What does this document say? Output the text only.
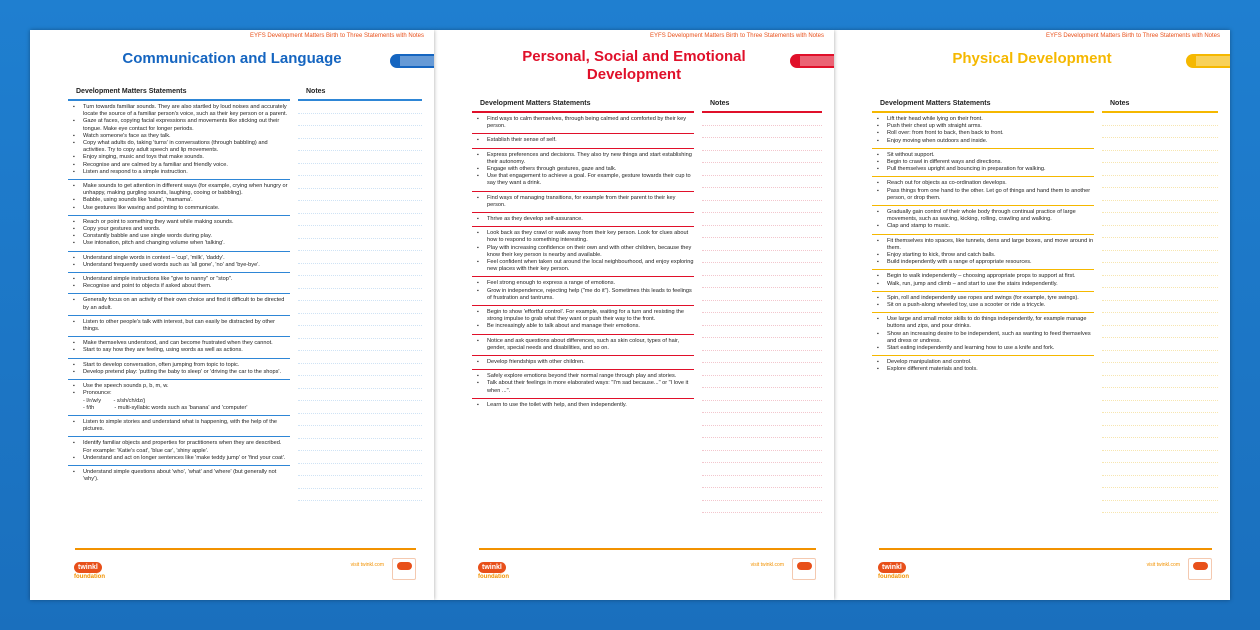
EYFS Development Matters Birth to Three Statements with Notes
Communication and Language
Development Matters Statements
▪ Turn towards familiar sounds. They are also startled by loud noises and accurately locate the source of a familiar person's voice, such as their key person or a parent.
▪ Gaze at faces, copying facial expressions and movements like sticking out their tongue. Make eye contact for longer periods.
▪ Watch someone's face as they talk.
▪ Copy what adults do, taking 'turns' in conversations (through babbling) and activities. Try to copy adult speech and lip movements.
▪ Enjoy singing, music and toys that make sounds.
▪ Recognise and are calmed by a familiar and friendly voice.
▪ Listen and respond to a simple instruction.
▪ Make sounds to get attention in different ways (for example, crying when hungry or unhappy, making gurgling sounds, laughing, cooing or babbling).
▪ Babble, using sounds like 'baba', 'mamama'.
▪ Use gestures like waving and pointing to communicate.
▪ Reach or point to something they want while making sounds.
▪ Copy your gestures and words.
▪ Constantly babble and use single words during play.
▪ Use intonation, pitch and changing volume when 'talking'.
▪ Understand single words in context – 'cup', 'milk', 'daddy'.
▪ Understand frequently used words such as 'all gone', 'no' and 'bye-bye'.
▪ Understand simple instructions like "give to nanny" or "stop".
▪ Recognise and point to objects if asked about them.
▪ Generally focus on an activity of their own choice and find it difficult to be directed by an adult.
▪ Listen to other people's talk with interest, but can easily be distracted by other things.
▪ Make themselves understood, and can become frustrated when they cannot.
▪ Start to say how they are feeling, using words as well as actions.
▪ Start to develop conversation, often jumping from topic to topic.
▪ Develop pretend play: 'putting the baby to sleep' or 'driving the car to the shops'.
▪ Use the speech sounds p, b, m, w.
▪ Pronounce:
- l/r/w/y        - s/sh/ch/dz/j
- f/th             - multi-syllabic words such as 'banana' and 'computer'
▪ Listen to simple stories and understand what is happening, with the help of the pictures.
▪ Identify familiar objects and properties for practitioners when they are described. For example: 'Katie's coat', 'blue car', 'shiny apple'.
▪ Understand and act on longer sentences like 'make teddy jump' or 'find your coat'.
▪ Understand simple questions about 'who', 'what' and 'where' (but generally not 'why').
Notes
twinkl
foundation
visit twinkl.com
EYFS Development Matters Birth to Three Statements with Notes
Personal, Social and Emotional Development
Development Matters Statements
▪ Find ways to calm themselves, through being calmed and comforted by their key person.
▪ Establish their sense of self.
▪ Express preferences and decisions. They also try new things and start establishing their autonomy.
▪ Engage with others through gestures, gaze and talk.
▪ Use that engagement to achieve a goal. For example, gesture towards their cup to say they want a drink.
▪ Find ways of managing transitions, for example from their parent to their key person.
▪ Thrive as they develop self-assurance.
▪ Look back as they crawl or walk away from their key person. Look for clues about how to respond to something interesting.
▪ Play with increasing confidence on their own and with other children, because they know their key person is nearby and available.
▪ Feel confident when taken out around the local neighbourhood, and enjoy exploring new places with their key person.
▪ Feel strong enough to express a range of emotions.
▪ Grow in independence, rejecting help ("me do it"). Sometimes this leads to feelings of frustration and tantrums.
▪ Begin to show 'effortful control'. For example, waiting for a turn and resisting the strong impulse to grab what they want or push their way to the front.
▪ Be increasingly able to talk about and manage their emotions.
▪ Notice and ask questions about differences, such as skin colour, types of hair, gender, special needs and disabilities, and so on.
▪ Develop friendships with other children.
▪ Safely explore emotions beyond their normal range through play and stories.
▪ Talk about their feelings in more elaborated ways: "I'm sad because..." or "I love it when ...".
▪ Learn to use the toilet with help, and then independently.
Notes
twinkl
foundation
visit twinkl.com
EYFS Development Matters Birth to Three Statements with Notes
Physical Development
Development Matters Statements
▪ Lift their head while lying on their front.
▪ Push their chest up with straight arms.
▪ Roll over: from front to back, then back to front.
▪ Enjoy moving when outdoors and inside.
▪ Sit without support.
▪ Begin to crawl in different ways and directions.
▪ Pull themselves upright and bouncing in preparation for walking.
▪ Reach out for objects as co-ordination develops.
▪ Pass things from one hand to the other. Let go of things and hand them to another person, or drop them.
▪ Gradually gain control of their whole body through continual practice of large movements, such as waving, kicking, rolling, crawling and walking.
▪ Clap and stamp to music.
▪ Fit themselves into spaces, like tunnels, dens and large boxes, and move around in them.
▪ Enjoy starting to kick, throw and catch balls.
▪ Build independently with a range of appropriate resources.
▪ Begin to walk independently – choosing appropriate props to support at first.
▪ Walk, run, jump and climb – and start to use the stairs independently.
▪ Spin, roll and independently use ropes and swings (for example, tyre swings).
▪ Sit on a push-along wheeled toy, use a scooter or ride a tricycle.
▪ Use large and small motor skills to do things independently, for example manage buttons and zips, and pour drinks.
▪ Show an increasing desire to be independent, such as wanting to feed themselves and dress or undress.
▪ Start eating independently and learning how to use a knife and fork.
▪ Develop manipulation and control.
▪ Explore different materials and tools.
Notes
twinkl
foundation
visit twinkl.com
